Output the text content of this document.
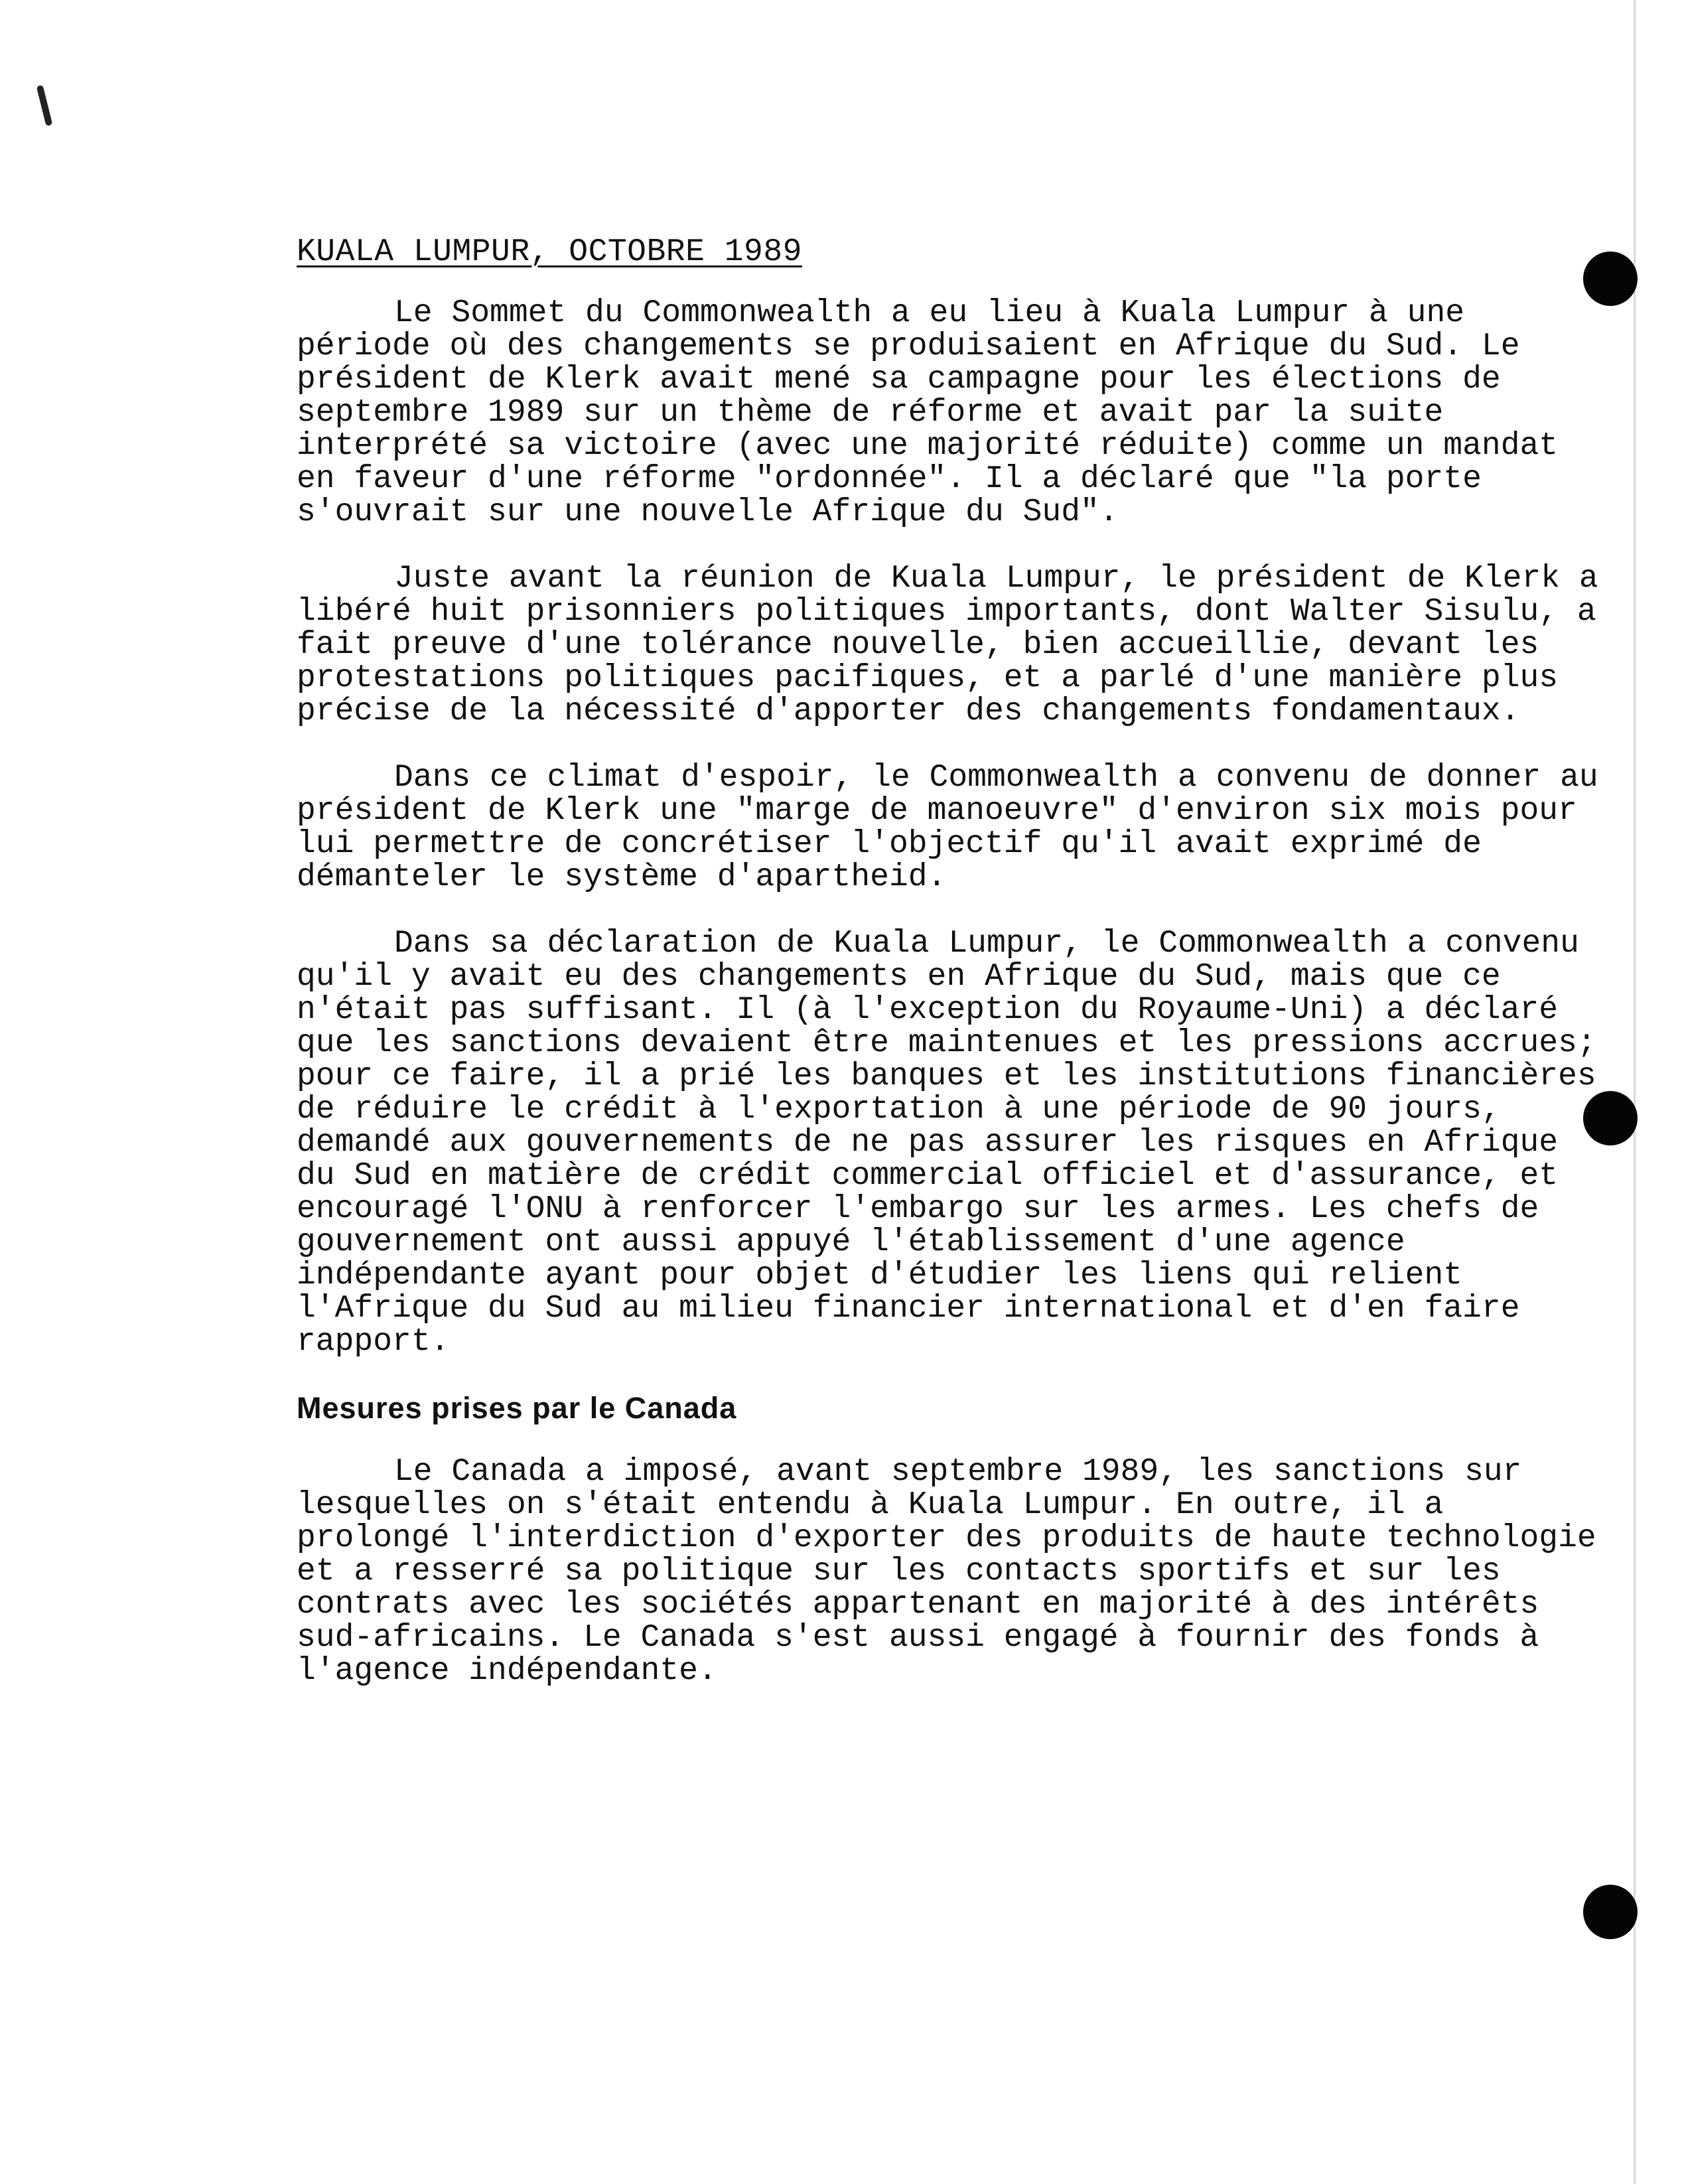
KUALA LUMPUR, OCTOBRE 1989

Le Sommet du Commonwealth a eu lieu à Kuala Lumpur à une période où des changements se produisaient en Afrique du Sud. Le président de Klerk avait mené sa campagne pour les élections de septembre 1989 sur un thème de réforme et avait par la suite interprété sa victoire (avec une majorité réduite) comme un mandat en faveur d'une réforme "ordonnée". Il a déclaré que "la porte s'ouvrait sur une nouvelle Afrique du Sud".

Juste avant la réunion de Kuala Lumpur, le président de Klerk a libéré huit prisonniers politiques importants, dont Walter Sisulu, a fait preuve d'une tolérance nouvelle, bien accueillie, devant les protestations politiques pacifiques, et a parlé d'une manière plus précise de la nécessité d'apporter des changements fondamentaux.

Dans ce climat d'espoir, le Commonwealth a convenu de donner au président de Klerk une "marge de manoeuvre" d'environ six mois pour lui permettre de concrétiser l'objectif qu'il avait exprimé de démanteler le système d'apartheid.

Dans sa déclaration de Kuala Lumpur, le Commonwealth a convenu qu'il y avait eu des changements en Afrique du Sud, mais que ce n'était pas suffisant. Il (à l'exception du Royaume-Uni) a déclaré que les sanctions devaient être maintenues et les pressions accrues; pour ce faire, il a prié les banques et les institutions financières de réduire le crédit à l'exportation à une période de 90 jours, demandé aux gouvernements de ne pas assurer les risques en Afrique du Sud en matière de crédit commercial officiel et d'assurance, et encouragé l'ONU à renforcer l'embargo sur les armes. Les chefs de gouvernement ont aussi appuyé l'établissement d'une agence indépendante ayant pour objet d'étudier les liens qui relient l'Afrique du Sud au milieu financier international et d'en faire rapport.

Mesures prises par le Canada

Le Canada a imposé, avant septembre 1989, les sanctions sur lesquelles on s'était entendu à Kuala Lumpur. En outre, il a prolongé l'interdiction d'exporter des produits de haute technologie et a resserré sa politique sur les contacts sportifs et sur les contrats avec les sociétés appartenant en majorité à des intérêts sud-africains. Le Canada s'est aussi engagé à fournir des fonds à l'agence indépendante.
